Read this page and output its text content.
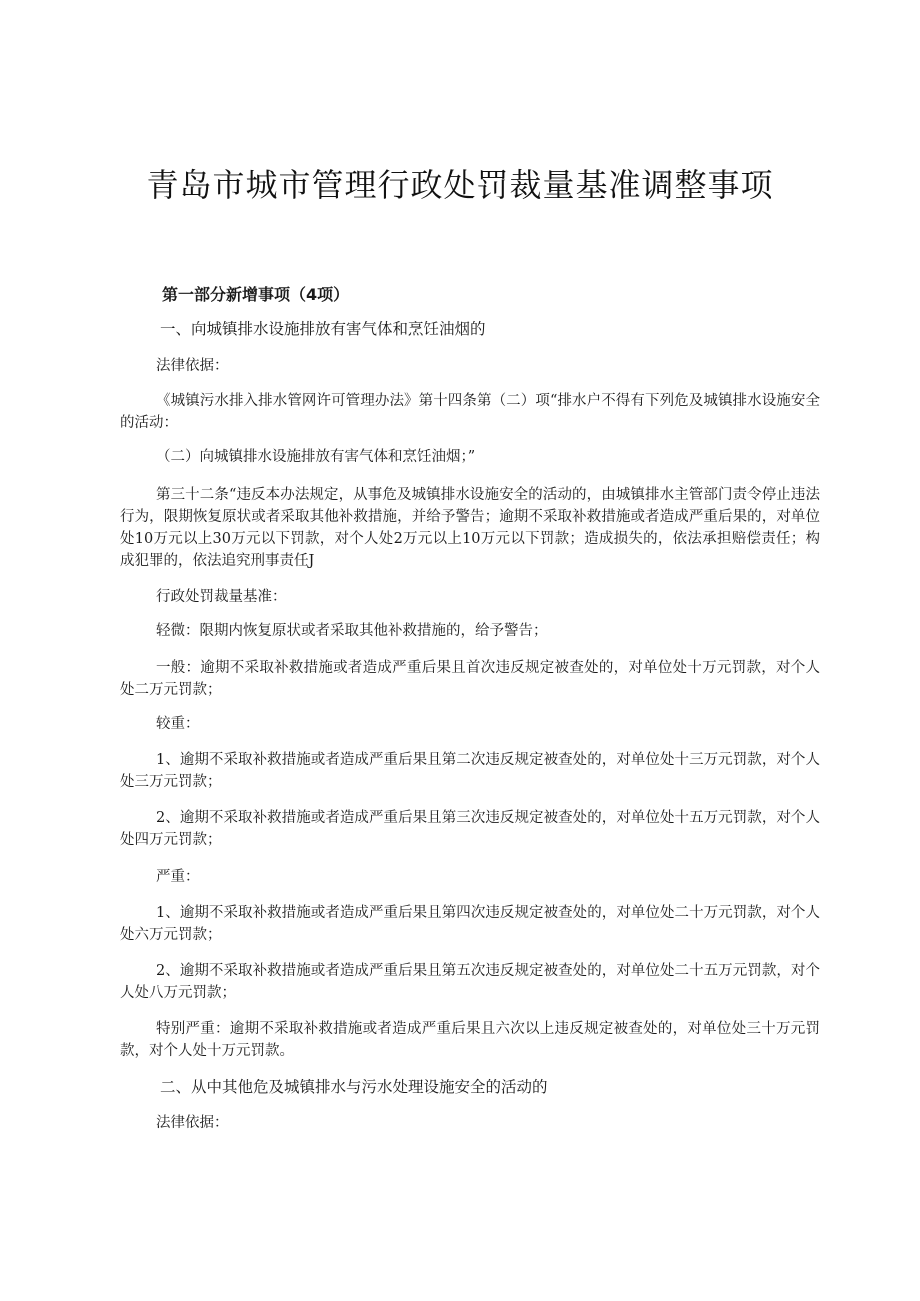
青岛市城市管理行政处罚裁量基准调整事项

第一部分新增事项（4项）

一、向城镇排水设施排放有害气体和烹饪油烟的

法律依据：

《城镇污水排入排水管网许可管理办法》第十四条第（二）项“排水户不得有下列危及城镇排水设施安全的活动：

（二）向城镇排水设施排放有害气体和烹饪油烟；”

第三十二条“违反本办法规定，从事危及城镇排水设施安全的活动的，由城镇排水主管部门责令停止违法行为，限期恢复原状或者采取其他补救措施，并给予警告；逾期不采取补救措施或者造成严重后果的，对单位处10万元以上30万元以下罚款，对个人处2万元以上10万元以下罚款；造成损失的，依法承担赔偿责任；构成犯罪的，依法追究刑事责任J

行政处罚裁量基准：

轻微：限期内恢复原状或者采取其他补救措施的，给予警告；

一般：逾期不采取补救措施或者造成严重后果且首次违反规定被查处的，对单位处十万元罚款，对个人处二万元罚款；

较重：

1、逾期不采取补救措施或者造成严重后果且第二次违反规定被查处的，对单位处十三万元罚款，对个人处三万元罚款；

2、逾期不采取补救措施或者造成严重后果且第三次违反规定被查处的，对单位处十五万元罚款，对个人处四万元罚款；

严重：

1、逾期不采取补救措施或者造成严重后果且第四次违反规定被查处的，对单位处二十万元罚款，对个人处六万元罚款；

2、逾期不采取补救措施或者造成严重后果且第五次违反规定被查处的，对单位处二十五万元罚款，对个人处八万元罚款；

特别严重：逾期不采取补救措施或者造成严重后果且六次以上违反规定被查处的，对单位处三十万元罚款，对个人处十万元罚款。

二、从中其他危及城镇排水与污水处理设施安全的活动的

法律依据：
